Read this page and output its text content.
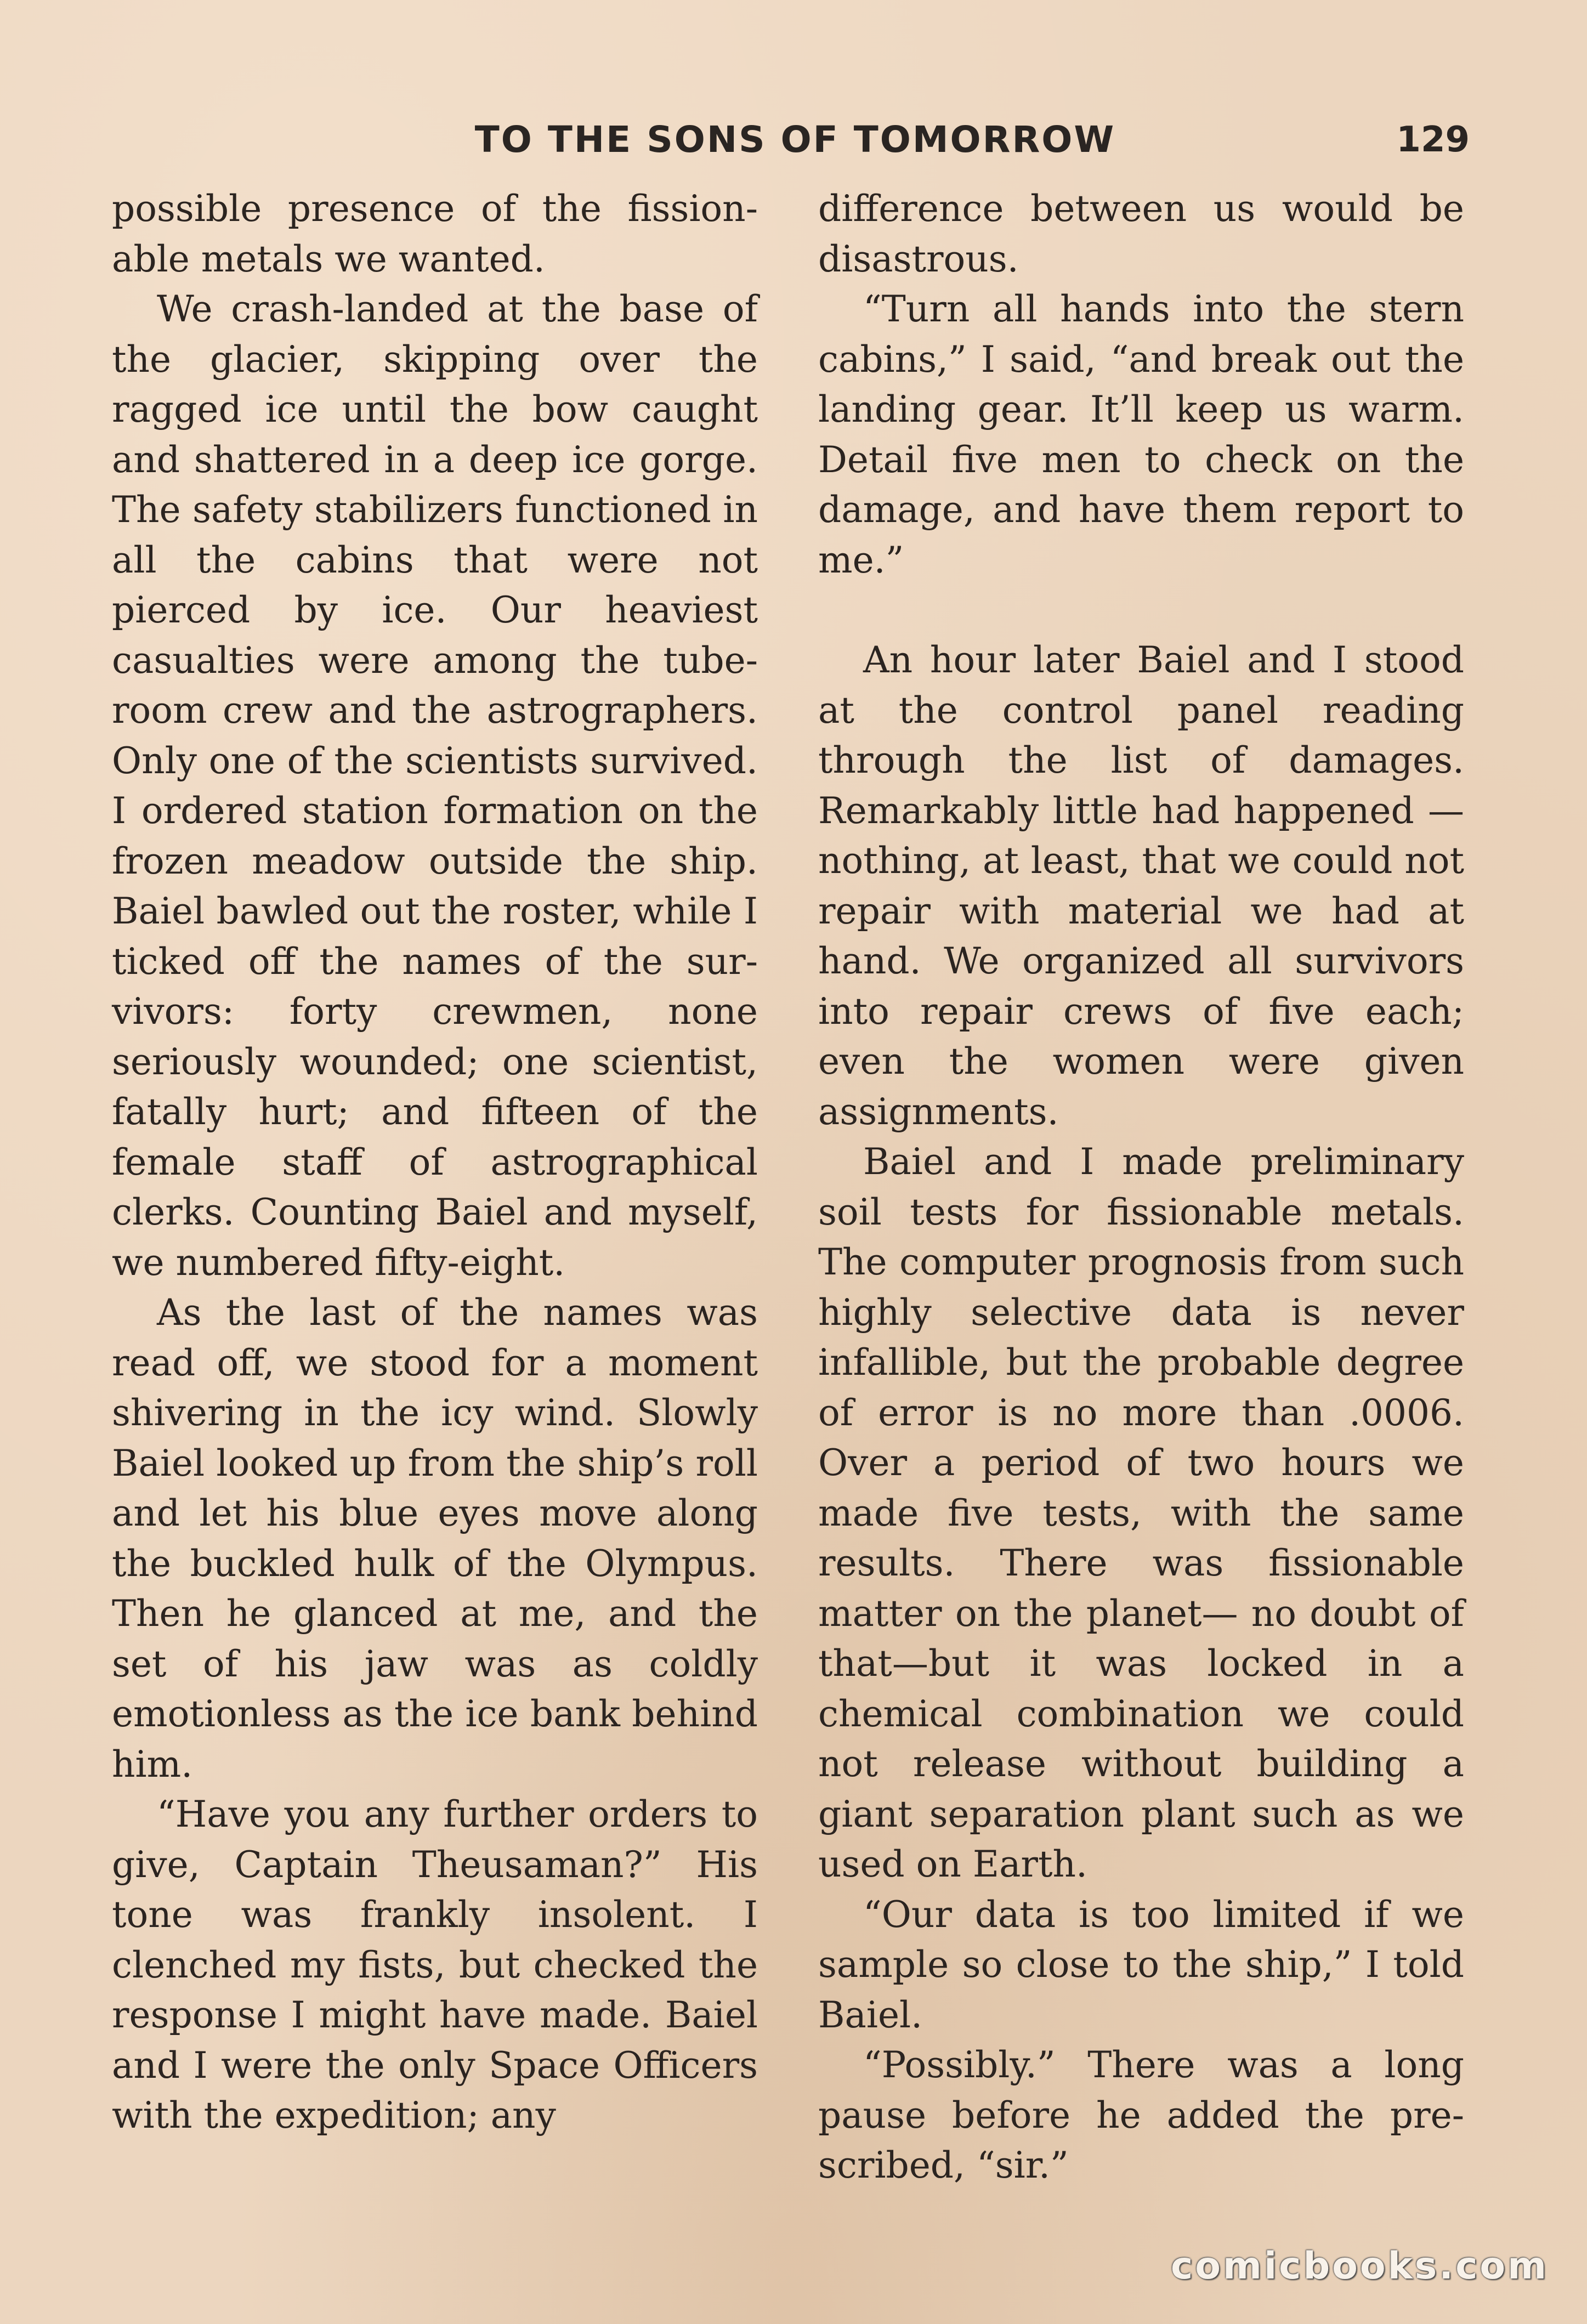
TO THE SONS OF TOMORROW	129

possible presence of the fissionable metals we wanted.

We crash-landed at the base of the glacier, skipping over the ragged ice until the bow caught and shattered in a deep ice gorge. The safety stabilizers functioned in all the cabins that were not pierced by ice. Our heaviest casualties were among the tube-room crew and the astrographers. Only one of the scientists survived. I ordered station formation on the frozen meadow outside the ship. Baiel bawled out the roster, while I ticked off the names of the survivors: forty crewmen, none seriously wounded; one scientist, fatally hurt; and fifteen of the female staff of astrographical clerks. Counting Baiel and myself, we numbered fifty-eight.

As the last of the names was read off, we stood for a moment shivering in the icy wind. Slowly Baiel looked up from the ship’s roll and let his blue eyes move along the buckled hulk of the Olympus. Then he glanced at me, and the set of his jaw was as coldly emotionless as the ice bank behind him.

“Have you any further orders to give, Captain Theusaman?” His tone was frankly insolent. I clenched my fists, but checked the response I might have made. Baiel and I were the only Space Officers with the expedition; any

difference between us would be disastrous.

“Turn all hands into the stern cabins,” I said, “and break out the landing gear. It’ll keep us warm. Detail five men to check on the damage, and have them report to me.”

An hour later Baiel and I stood at the control panel reading through the list of damages. Remarkably little had happened —nothing, at least, that we could not repair with material we had at hand. We organized all survivors into repair crews of five each; even the women were given assignments.

Baiel and I made preliminary soil tests for fissionable metals. The computer prognosis from such highly selective data is never infallible, but the probable degree of error is no more than .0006. Over a period of two hours we made five tests, with the same results. There was fissionable matter on the planet— no doubt of that—but it was locked in a chemical combination we could not release without building a giant separation plant such as we used on Earth.

“Our data is too limited if we sample so close to the ship,” I told Baiel.

“Possibly.” There was a long pause before he added the prescribed, “sir.”

comicbooks.com
